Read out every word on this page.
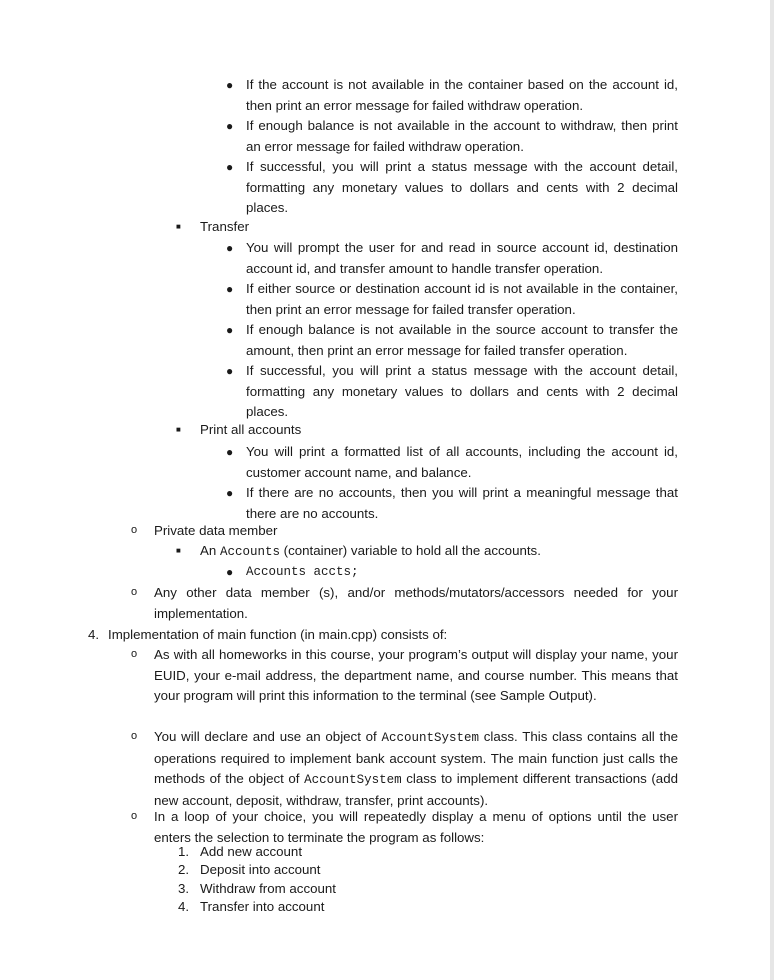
● If the account is not available in the container based on the account id, then print an error message for failed withdraw operation.
● If enough balance is not available in the account to withdraw, then print an error message for failed withdraw operation.
● If successful, you will print a status message with the account detail, formatting any monetary values to dollars and cents with 2 decimal places.
■ Transfer
● You will prompt the user for and read in source account id, destination account id, and transfer amount to handle transfer operation.
● If either source or destination account id is not available in the container, then print an error message for failed transfer operation.
● If enough balance is not available in the source account to transfer the amount, then print an error message for failed transfer operation.
● If successful, you will print a status message with the account detail, formatting any monetary values to dollars and cents with 2 decimal places.
■ Print all accounts
● You will print a formatted list of all accounts, including the account id, customer account name, and balance.
● If there are no accounts, then you will print a meaningful message that there are no accounts.
o Private data member
■ An Accounts (container) variable to hold all the accounts.
● Accounts accts;
o Any other data member (s), and/or methods/mutators/accessors needed for your implementation.
4. Implementation of main function (in main.cpp) consists of:
o As with all homeworks in this course, your program’s output will display your name, your EUID, your e-mail address, the department name, and course number. This means that your program will print this information to the terminal (see Sample Output).
o You will declare and use an object of AccountSystem class. This class contains all the operations required to implement bank account system. The main function just calls the methods of the object of AccountSystem class to implement different transactions (add new account, deposit, withdraw, transfer, print accounts).
o In a loop of your choice, you will repeatedly display a menu of options until the user enters the selection to terminate the program as follows:
1. Add new account
2. Deposit into account
3. Withdraw from account
4. Transfer into account
